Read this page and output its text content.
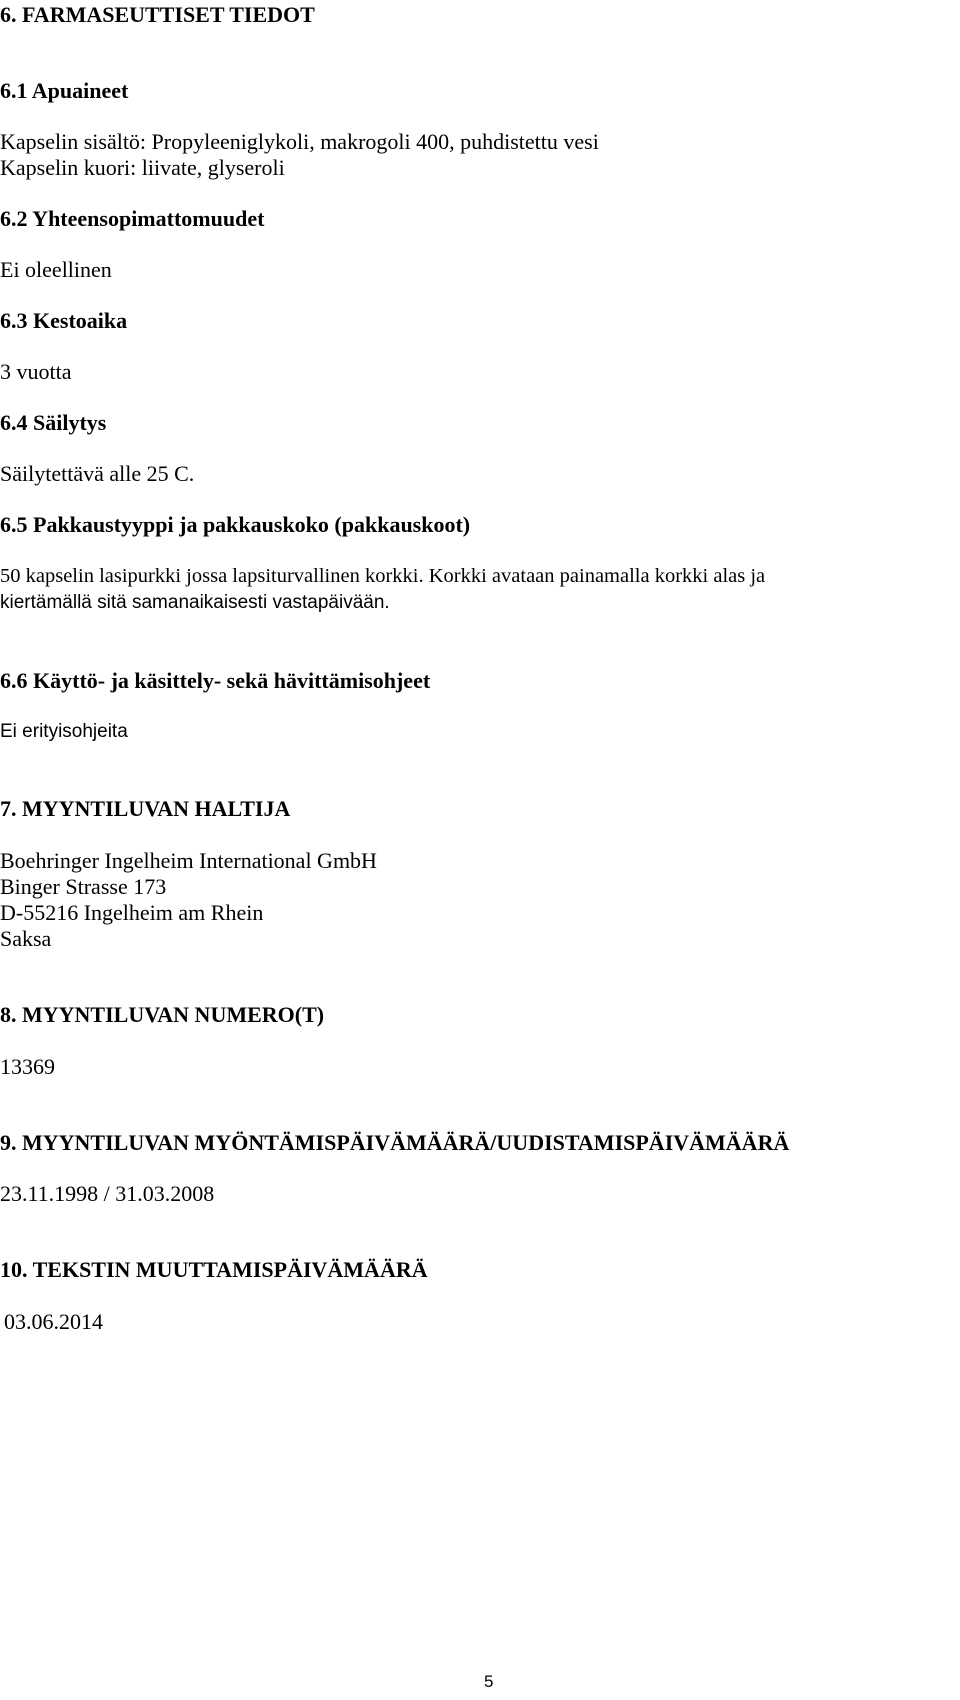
6. FARMASEUTTISET TIEDOT
6.1 Apuaineet
Kapselin sisältö: Propyleeniglykoli, makrogoli 400, puhdistettu vesi
Kapselin kuori: liivate, glyseroli
6.2 Yhteensopimattomuudet
Ei oleellinen
6.3 Kestoaika
3 vuotta
6.4 Säilytys
Säilytettävä alle 25 C.
6.5 Pakkaustyyppi ja pakkauskoko (pakkauskoot)
50 kapselin lasipurkki jossa lapsiturvallinen korkki. Korkki avataan painamalla korkki alas ja
kiertämällä sitä samanaikaisesti vastapäivään.
6.6 Käyttö- ja käsittely- sekä hävittämisohjeet
Ei erityisohjeita
7. MYYNTILUVAN HALTIJA
Boehringer Ingelheim International GmbH
Binger Strasse 173
D-55216 Ingelheim am Rhein
Saksa
8. MYYNTILUVAN NUMERO(T)
13369
9. MYYNTILUVAN MYÖNTÄMISPÄIVÄMÄÄRÄ/UUDISTAMISPÄIVÄMÄÄRÄ
23.11.1998 / 31.03.2008
10. TEKSTIN MUUTTAMISPÄIVÄMÄÄRÄ
03.06.2014
5
